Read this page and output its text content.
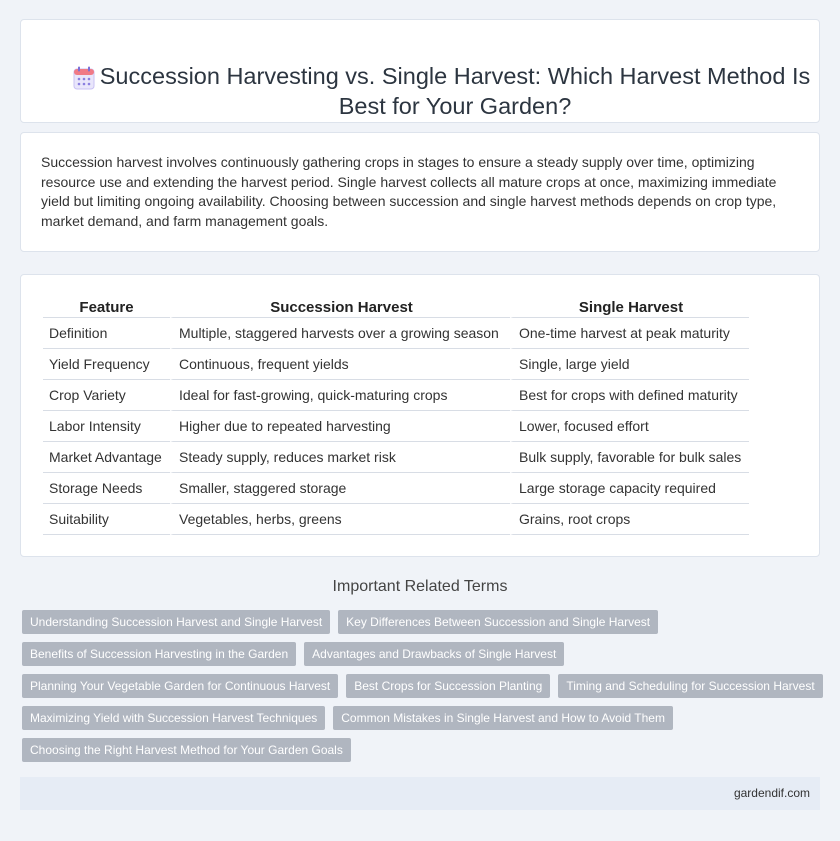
Succession Harvesting vs. Single Harvest: Which Harvest Method Is Best for Your Garden?

Succession harvest involves continuously gathering crops in stages to ensure a steady supply over time, optimizing resource use and extending the harvest period. Single harvest collects all mature crops at once, maximizing immediate yield but limiting ongoing availability. Choosing between succession and single harvest methods depends on crop type, market demand, and farm management goals.

Feature	Succession Harvest	Single Harvest
Definition	Multiple, staggered harvests over a growing season	One-time harvest at peak maturity
Yield Frequency	Continuous, frequent yields	Single, large yield
Crop Variety	Ideal for fast-growing, quick-maturing crops	Best for crops with defined maturity
Labor Intensity	Higher due to repeated harvesting	Lower, focused effort
Market Advantage	Steady supply, reduces market risk	Bulk supply, favorable for bulk sales
Storage Needs	Smaller, staggered storage	Large storage capacity required
Suitability	Vegetables, herbs, greens	Grains, root crops
Important Related Terms
Understanding Succession Harvest and Single Harvest	Key Differences Between Succession and Single Harvest
Benefits of Succession Harvesting in the Garden	Advantages and Drawbacks of Single Harvest
Planning Your Vegetable Garden for Continuous Harvest	Best Crops for Succession Planting	Timing and Scheduling for Succession Harvest
Maximizing Yield with Succession Harvest Techniques	Common Mistakes in Single Harvest and How to Avoid Them
Choosing the Right Harvest Method for Your Garden Goals
gardendif.com
